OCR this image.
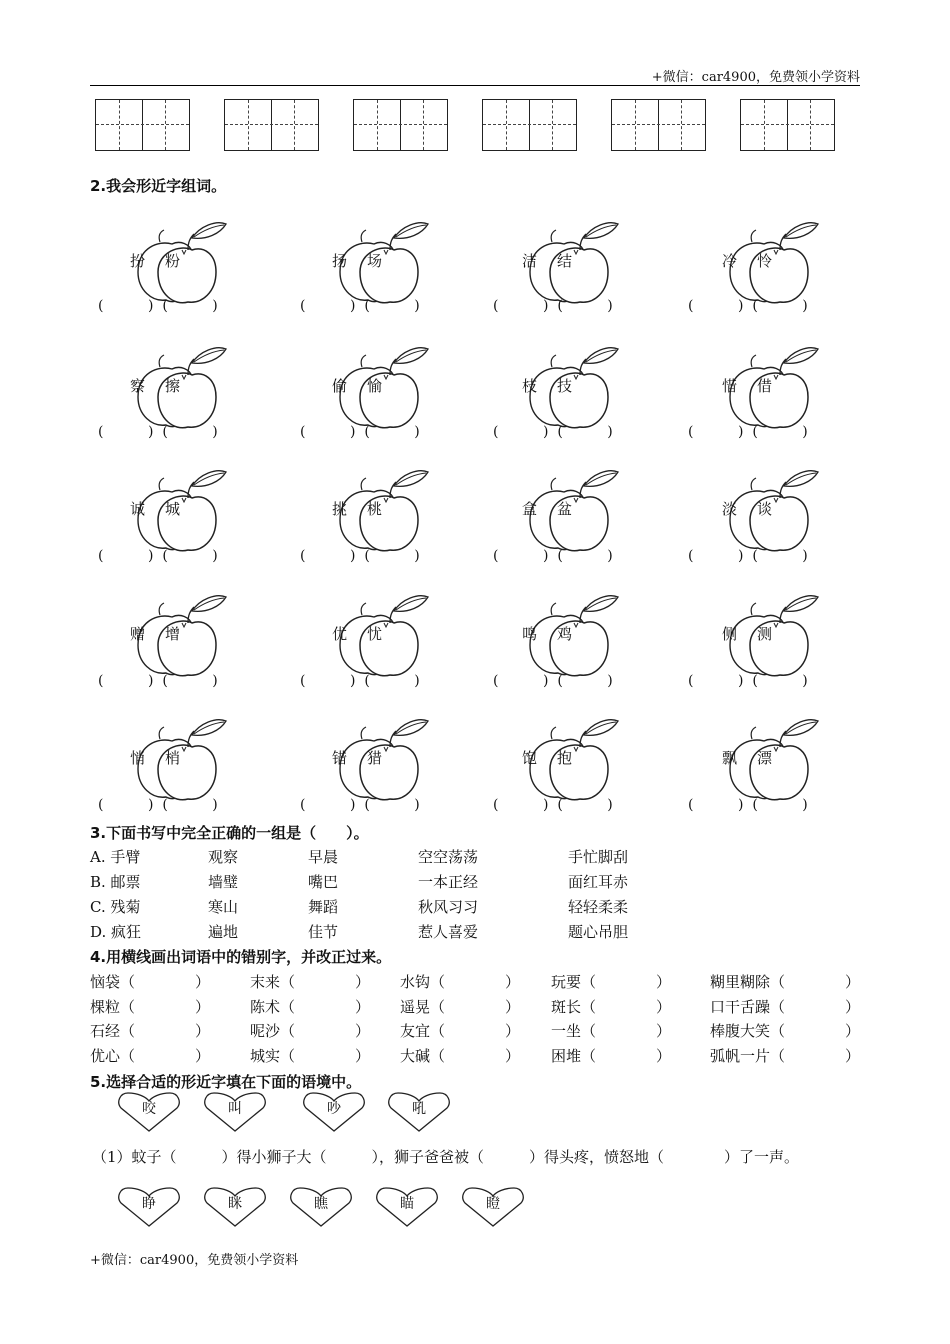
+微信：car4900，免费领小学资料
2.我会形近字组词。
扮 粉
(          )  (          )
扬 场
(          )  (          )
洁 结
(          )  (          )
冷 怜
(          )  (          )
察 擦
(          )  (          )
偷 愉
(          )  (          )
枝 技
(          )  (          )
惜 借
(          )  (          )
诚 城
(          )  (          )
挑 桃
(          )  (          )
盒 盆
(          )  (          )
淡 谈
(          )  (          )
赠 增
(          )  (          )
优 忧
(          )  (          )
鸣 鸡
(          )  (          )
侧 测
(          )  (          )
悄 梢
(          )  (          )
错 猎
(          )  (          )
饱 抱
(          )  (          )
飘 漂
(          )  (          )
3.下面书写中完全正确的一组是（　　）。
A. 手臂	观察	早晨	空空荡荡	手忙脚刮
B. 邮票	墙璧	嘴巴	一本正经	面红耳赤
C. 残菊	寒山	舞蹈	秋风习习	轻轻柔柔
D. 疯狂	遍地	佳节	惹人喜爱	题心吊胆
4.用横线画出词语中的错别字，并改正过来。
恼袋（　　　　）	末来（　　　　） 水钩（　　　　） 玩要（　　　　）	糊里糊除（　　　　）
棵粒（　　　　）	陈术（　　　　） 遥晃（　　　　） 斑长（　　　　）	口干舌躁（　　　　）
石经（　　　　）	呢沙（　　　　） 友宜（　　　　） 一坐（　　　　）	棒腹大笑（　　　　）
优心（　　　　）	城实（　　　　） 大碱（　　　　） 困堆（　　　　）	弧帆一片（　　　　）
5.选择合适的形近字填在下面的语境中。
咬	叫	吵	吼
（1）蚊子（　　　）得小狮子大（　　　），狮子爸爸被（　　　）得头疼，愤怒地（　　　　）了一声。
睁	眯	瞧	瞄	瞪
+微信：car4900，免费领小学资料
